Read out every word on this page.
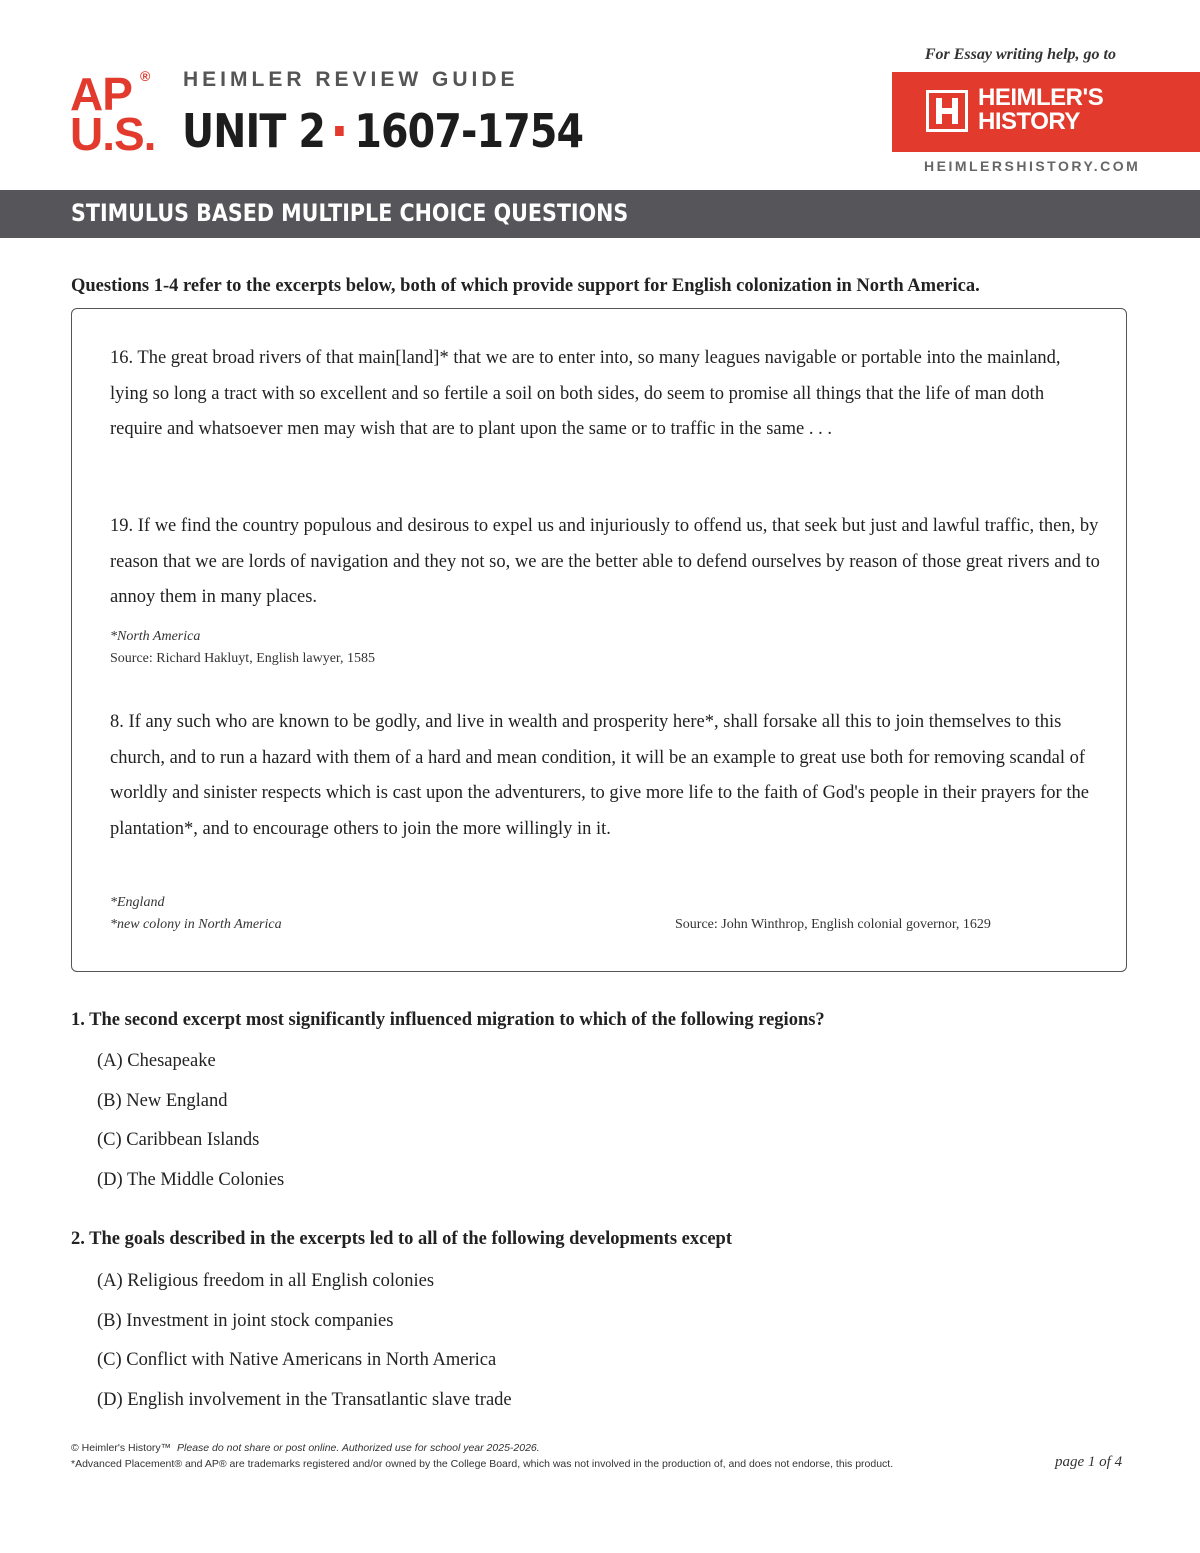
AP ®
U.S.
HEIMLER REVIEW GUIDE
UNIT 2 1607-1754
For Essay writing help, go to
HEIMLER'S
HISTORY
HEIMLERSHISTORY.COM
STIMULUS BASED MULTIPLE CHOICE QUESTIONS
Questions 1-4 refer to the excerpts below, both of which provide support for English colonization in North America.
16. The great broad rivers of that main[land]* that we are to enter into, so many leagues navigable or portable into the mainland, lying so long a tract with so excellent and so fertile a soil on both sides, do seem to promise all things that the life of man doth require and whatsoever men may wish that are to plant upon the same or to traffic in the same . . .
19. If we find the country populous and desirous to expel us and injuriously to offend us, that seek but just and lawful traffic, then, by reason that we are lords of navigation and they not so, we are the better able to defend ourselves by reason of those great rivers and to annoy them in many places.
*North America
Source: Richard Hakluyt, English lawyer, 1585
8. If any such who are known to be godly, and live in wealth and prosperity here*, shall forsake all this to join themselves to this church, and to run a hazard with them of a hard and mean condition, it will be an example to great use both for removing scandal of worldly and sinister respects which is cast upon the adventurers, to give more life to the faith of God's people in their prayers for the plantation*, and to encourage others to join the more willingly in it.
*England
*new colony in North America	Source: John Winthrop, English colonial governor, 1629
1. The second excerpt most significantly influenced migration to which of the following regions?
(A) Chesapeake
(B) New England
(C) Caribbean Islands
(D) The Middle Colonies
2. The goals described in the excerpts led to all of the following developments except
(A) Religious freedom in all English colonies
(B) Investment in joint stock companies
(C) Conflict with Native Americans in North America
(D) English involvement in the Transatlantic slave trade
© Heimler's History™ Please do not share or post online. Authorized use for school year 2025-2026.
*Advanced Placement® and AP® are trademarks registered and/or owned by the College Board, which was not involved in the production of, and does not endorse, this product.	page 1 of 4
